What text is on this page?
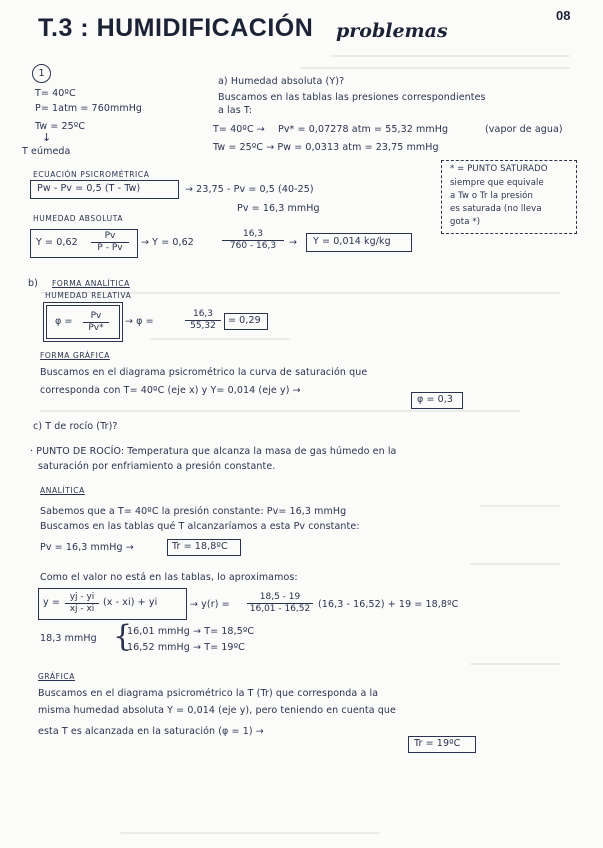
T.3 : HUMIDIFICACIÓN problemas
08
1
T= 40ºC
P= 1atm = 760mmHg
Tw = 25ºC
↓
T eúmeda
a) Humedad absoluta (Y)?
Buscamos en las tablas las presiones correspondientes
a las T:
T= 40ºC → Pv* = 0,07278 atm = 55,32 mmHg	(vapor de agua)
Tw = 25ºC → Pw = 0,0313 atm = 23,75 mmHg
ECUACIÓN PSICROMÉTRICA
Pw - Pv = 0,5 (T - Tw)	→ 23,75 - Pv = 0,5 (40-25)
Pv = 16,3 mmHg
HUMEDAD ABSOLUTA
$Y = 0,62 \frac{Pv}{P - Pv} \to Y = 0,62$	$\frac{16,3}{760 - 16,3} \to Y = 0,014$ kg/kg
* = PUNTO SATURADO
siempre que equivale
a Tw o Tr la presión
es saturada (no lleva
gota *)
b) FORMA ANALÍTICA
HUMEDAD RELATIVA
$\varphi = \frac{Pv}{Pv*} \to \varphi$ =	$\frac{16,3}{55,32} = 0,29$
FORMA GRÁFICA
Buscamos en el diagrama psicrométrico la curva de saturación que
corresponda con T= 40ºC (eje x) y Y= 0,014 (eje y) →
φ = 0,3
c) T de rocío (Tr)?
· PUNTO DE ROCÍO: Temperatura que alcanza la masa de gas húmedo en la
saturación por enfriamiento a presión constante.
ANALÍTICA
Sabemos que a T= 40ºC la presión constante: Pv= 16,3 mmHg
Buscamos en las tablas qué T alcanzaríamos a esta Pv constante:
Pv = 16,3 mmHg →	Tr = 18,8ºC
Como el valor no está en las tablas, lo aproximamos:
$y = \frac{yj - yi}{xj - xi} (x - xi)$ + yi	→ $y(r) = \frac{18,5 - 19}{16,01 - 16,52} (16,3 - 16,52) + 19$ = 18,8ºC
18,3 mmHg {
16,01 mmHg → T= 18,5ºC
16,52 mmHg → T= 19ºC
GRÁFICA
Buscamos en el diagrama psicrométrico la T (Tr) que corresponda a la
misma humedad absoluta Y = 0,014 (eje y), pero teniendo en cuenta que
esta T es alcanzada en la saturación (φ = 1) →
Tr = 19ºC
